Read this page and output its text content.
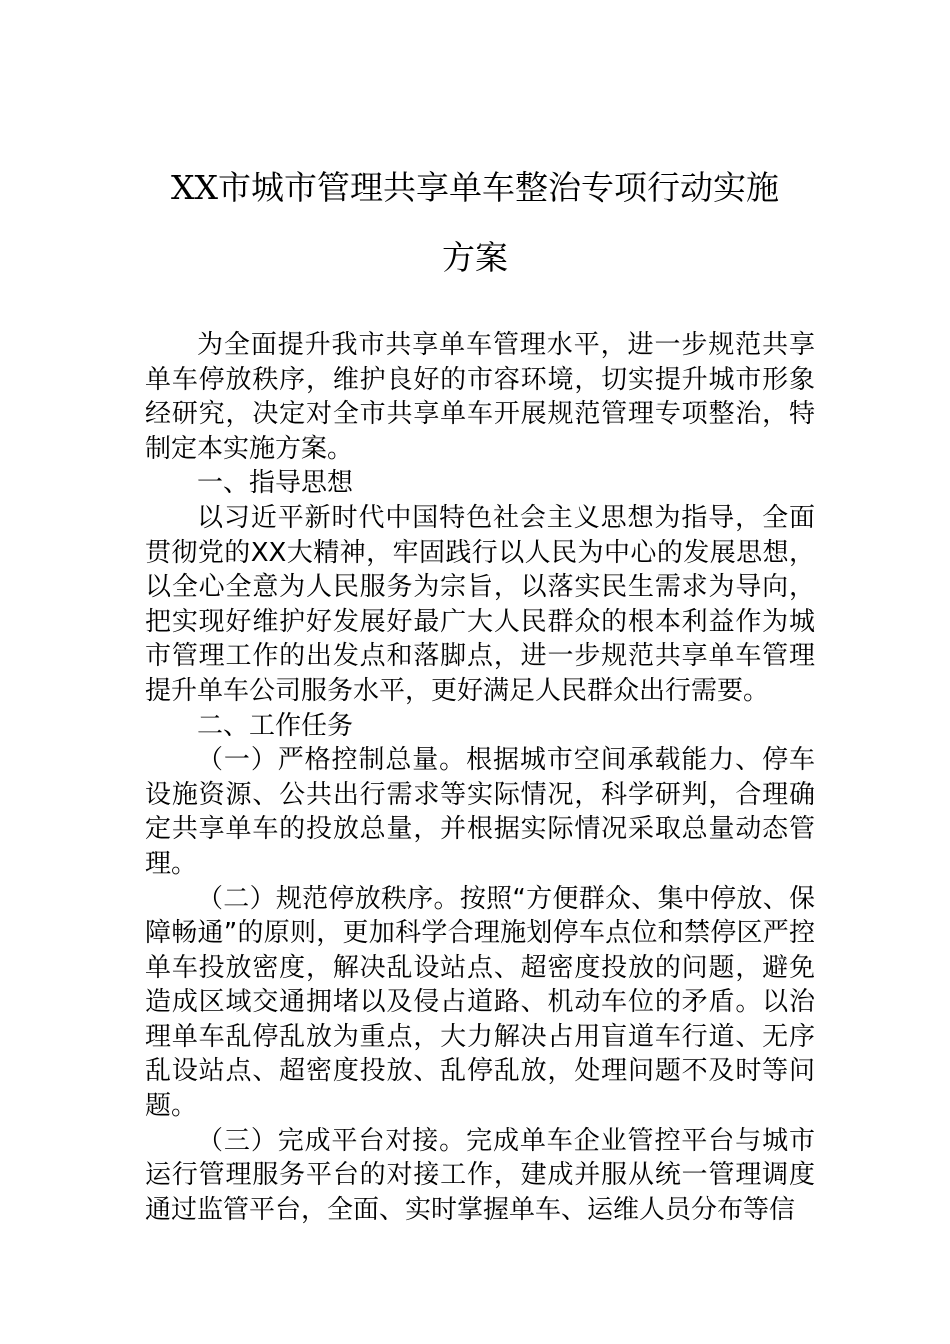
XX市城市管理共享单车整治专项行动实施
方案

为全面提升我市共享单车管理水平，进一步规范共享单车停放秩序，维护良好的市容环境，切实提升城市形象经研究，决定对全市共享单车开展规范管理专项整治，特制定本实施方案。

一、指导思想

以习近平新时代中国特色社会主义思想为指导，全面贯彻党的XX大精神，牢固践行以人民为中心的发展思想，以全心全意为人民服务为宗旨，以落实民生需求为导向，把实现好维护好发展好最广大人民群众的根本利益作为城市管理工作的出发点和落脚点，进一步规范共享单车管理提升单车公司服务水平，更好满足人民群众出行需要。

二、工作任务

（一）严格控制总量。根据城市空间承载能力、停车设施资源、公共出行需求等实际情况，科学研判，合理确定共享单车的投放总量，并根据实际情况采取总量动态管理。

（二）规范停放秩序。按照“方便群众、集中停放、保障畅通”的原则，更加科学合理施划停车点位和禁停区严控单车投放密度，解决乱设站点、超密度投放的问题，避免造成区域交通拥堵以及侵占道路、机动车位的矛盾。以治理单车乱停乱放为重点，大力解决占用盲道车行道、无序乱设站点、超密度投放、乱停乱放，处理问题不及时等问题。

（三）完成平台对接。完成单车企业管控平台与城市运行管理服务平台的对接工作，建成并服从统一管理调度通过监管平台，全面、实时掌握单车、运维人员分布等信
